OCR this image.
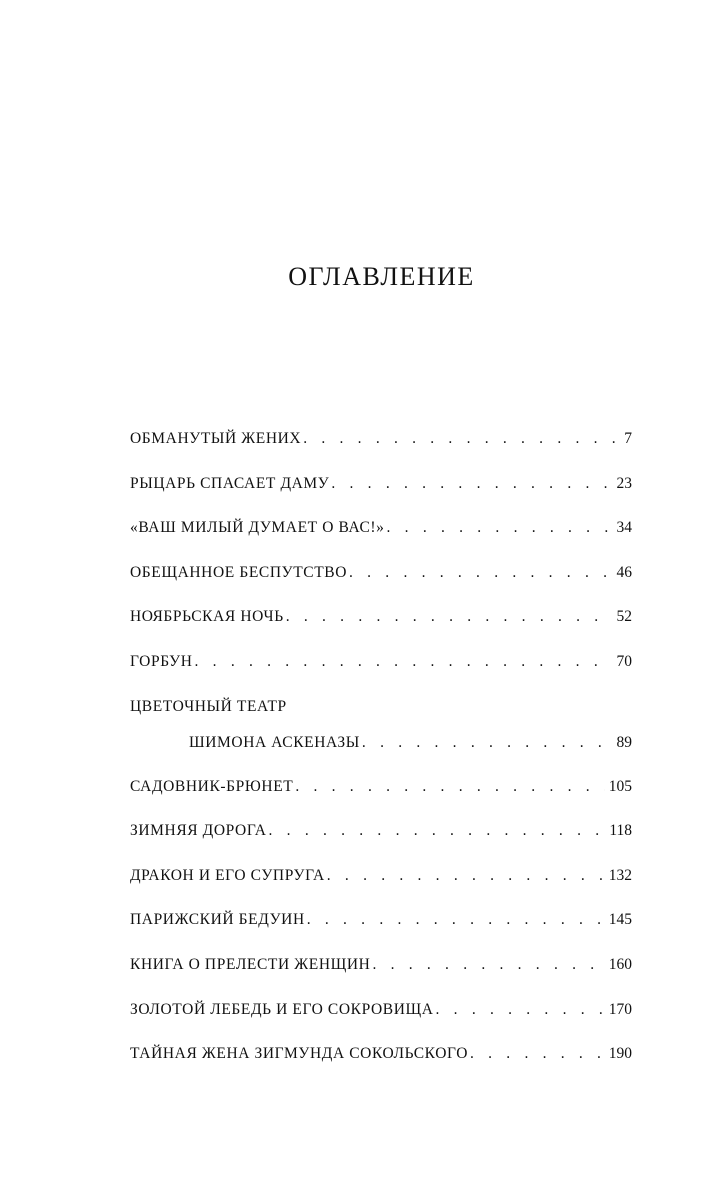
ОГЛАВЛЕНИЕ
ОБМАНУТЫЙ ЖЕНИХ . . .	7
РЫЦАРЬ СПАСАЕТ ДАМУ . . .	23
«ВАШ МИЛЫЙ ДУМАЕТ О ВАС!» . . .	34
ОБЕЩАННОЕ БЕСПУТСТВО . . .	46
НОЯБРЬСКАЯ НОЧЬ . . .	52
ГОРБУН . . .	70
ЦВЕТОЧНЫЙ ТЕАТР
ШИМОНА АСКЕНАЗЫ . . .	89
САДОВНИК-БРЮНЕТ . . .	105
ЗИМНЯЯ ДОРОГА . . .	118
ДРАКОН И ЕГО СУПРУГА . . .	132
ПАРИЖСКИЙ БЕДУИН . . .	145
КНИГА О ПРЕЛЕСТИ ЖЕНЩИН . . .	160
ЗОЛОТОЙ ЛЕБЕДЬ И ЕГО СОКРОВИЩА . . .	170
ТАЙНАЯ ЖЕНА ЗИГМУНДА СОКОЛЬСКОГО . . .	190
